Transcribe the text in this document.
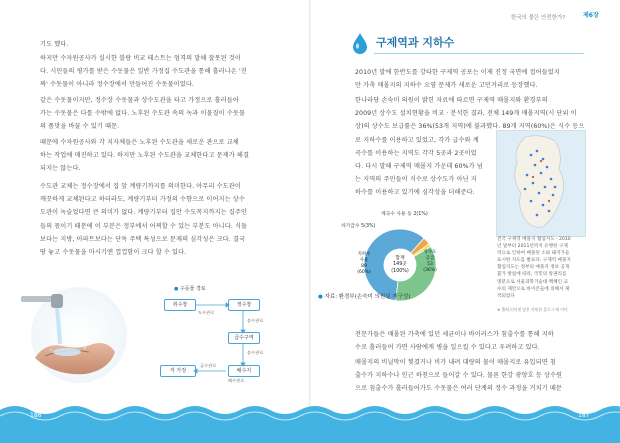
기도 했다.
하지만 수자원공사가 실시한 블랑 비교 테스트는 엄격의 말해 잘못된 것이
다. 시민들의 평가를 받은 수돗물은 일반 가정집 수도관을 통해 흘러나온 '진
짜' 수돗물이 아니라 정수장에서 만들어진 수돗물이었다.
같은 수돗물이지만, 정수장 수돗물과 상수도관을 타고 가정으로 흘러들어
가는 수돗물은 다를 수밖에 없다. 노후된 수도관 속의 녹과 이물질이 수돗물
의 품맛을 바꿀 수 있기 때문.
때문에 수자원공사와 각 지자체들은 노후된 수도관을 새로운 관으로 교체
하는 작업에 매진하고 있다. 하지만 노후된 수도관을 교체한다고 문제가 해결
되지는 않는다.
수도관 교체는 정수장에서 집 앞 계량기까지를 의미한다. 아무리 수도관이
깨끗하게 교체된다고 하더라도, 계량기부터 가정의 수향으로 이어지는 상수
도관이 녹슬었다면 큰 의미가 없다. 계량기부터 집안 수도꼭지까지는 집주인
들의 몫이기 때문에 이 부분은 정부에서 어찌할 수 있는 부분도 아니다. 식돌
보다는 지방, 아파트보다는 단독 주택 특성으로 문제의 심각성은 크다. 결국
땅 놓고 수돗물을 마시기엔 껍껍함이 크다 할 수 있다.
● 수돗물 경로
취수장	정수장
급수구역
각 가정	배수지
도수관로
송수관로
송수관로
급수관로
배수관로
한국의 물은 안전한가?	제6장
구제역과 지하수
2010년 말에 한반도를 강타한 구제역 공포는 이제 진정 국면에 접어들었지
만 가축 매몰지의 지하수 오염 문제가 새로운 고민거리로 등장했다.
한나라당 손숙미 의원이 밝힌 자료에 따르면 구제역 매몰지와 환경부의
2009년 상수도 설치현황을 비교 · 분석한 결과, 전체 149개 매몰지역(시 단위 이
상)의 상수도 보급률은 36%(53개 지역)에 불과했다. 89개 지역(60%)은 식수 등으
로 지하수를 이용하고 있었고, 각가 급수와 계
곡수를 이용하는 지역도 각각 5곳과 2곳이었
다. 다시 말해 구제역 매몰지 가운데 60%가 넘
는 지역의 주민들이 식수로 상수도가 아닌 지
하수를 이용하고 있기에 심각성을 더해준다.
전국 구제역 매몰지 협업지도 · 2010
년 말부터 2011년까지 유행한 구제
역으로 인하여 매몰된 소와 돼지가들
표시한 지도를 발표다. 구제역 매몰지
협업지도는 정부의 매몰지 정보 공개
불가 방침에 따라, 국민의 알권리를
명분으로 서울과학기술대 백혜인 교
수의 제안으로 바이콘들에 의해서 제
작되었다
★ 출처:인터넷 앞은 지원한 블로그 에 이미
계곡수 사용 등 2(1%)
차가급수 5(3%)
지하수
사용
89
(60%)
상수도
공급
53
(36%)
합계
149곳
(100%)
● 자료: 환경부(손숙미 의원실 재구성)
전문가들은 매몰된 가축에 있던 세균이나 바이러스가 침출수를 통해 지하
수로 흘러들어 가면 사람에게 병을 일으킬 수 있다고 우려하고 있다.
매몰지의 비닐막이 찢겼거나 비가 내려 대량의 물이 매몰지로 유입되면 침
출수가 지하수나 인근 하천으로 들어갈 수 있다. 물론 한강 광양호 등 상수원
으로 침출수가 흘러들어가도 수돗물은 여러 단계의 정수 과정을 거치기 때문
186	187
